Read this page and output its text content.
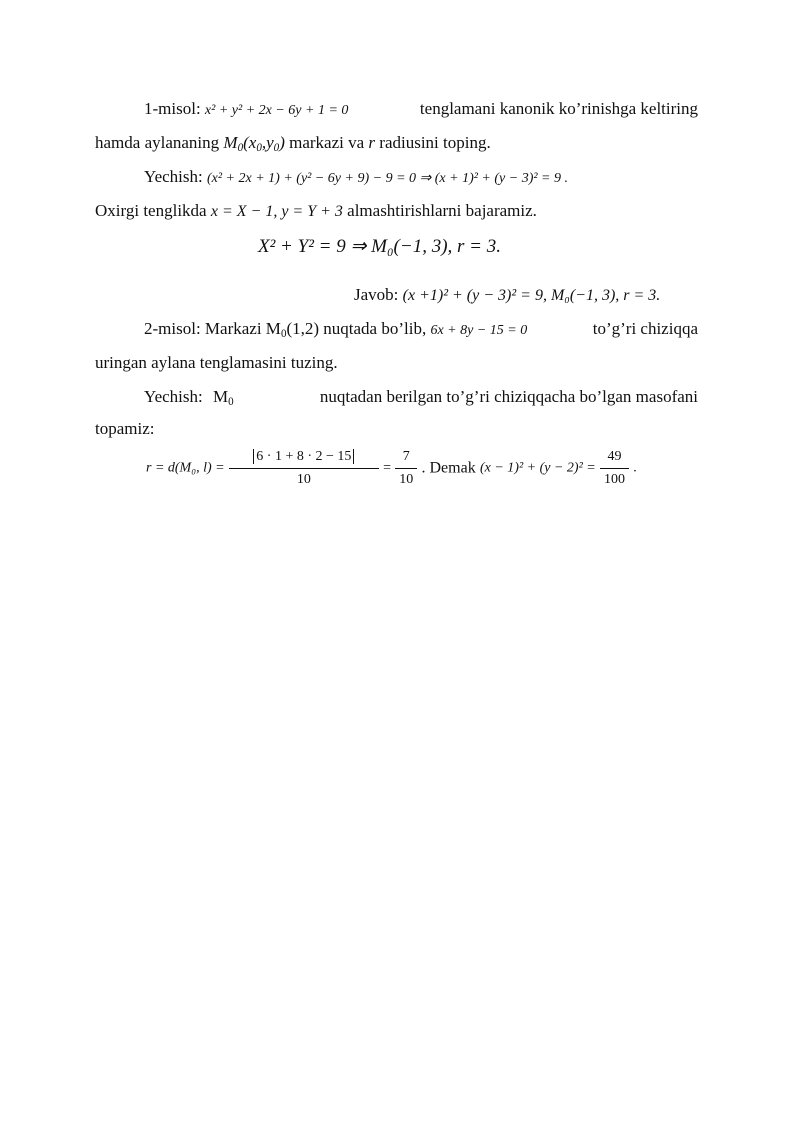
1-misol: x² + y² + 2x − 6y + 1 = 0	tenglamani kanonik ko’rinishga keltiring
hamda aylananing $M_0(x_0,y_0)$ markazi va r radiusini toping.
Yechish: (x² + 2x + 1) + (y² − 6y + 9) − 9 = 0 ⇒ (x + 1)² + (y − 3)² = 9 .
Oxirgi tenglikda x = X − 1, y = Y + 3 almashtirishlarni bajaramiz.
X² + Y² = 9 ⇒ M₀(−1, 3), r = 3.
Javob: (x +1)² + (y − 3)² = 9, M₀(−1, 3), r = 3.
2-misol: Markazi $M_0(1,2)$ nuqtada bo’lib, 6x + 8y − 15 = 0	to’g’ri chiziqqa
uringan aylana tenglamasini tuzing.
Yechish: $M_0$	nuqtadan berilgan to’g’ri chiziqqacha bo’lgan masofani
topamiz:
r = d(M₀, $l) = \frac{6 \cdot 1 + 8 \cdot 2 - 15}{10} = \frac{7}{10}$ . Demak $(x - 1)^2 + (y - 2)^2 = \frac{49}{100}$ .
